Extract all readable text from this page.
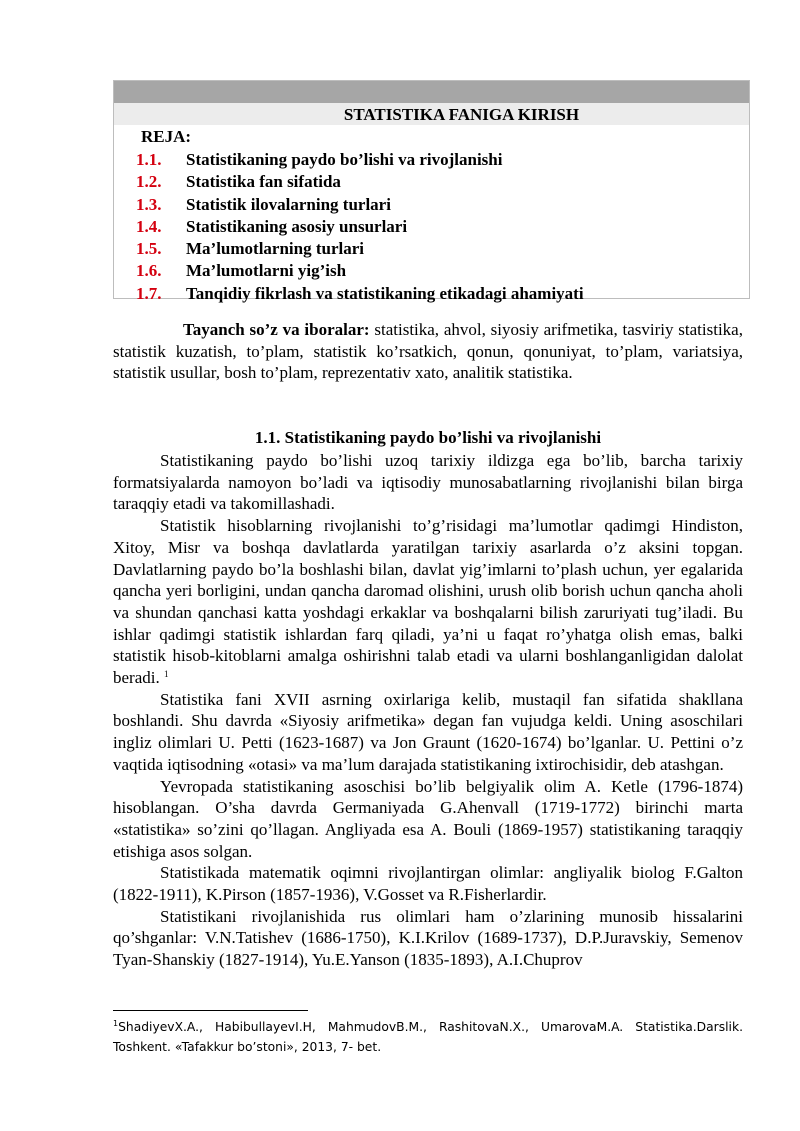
STATISTIKA FANIGA KIRISH
REJA:
1.1. Statistikaning paydo bo’lishi va rivojlanishi
1.2. Statistika fan sifatida
1.3. Statistik ilovalarning turlari
1.4. Statistikaning asosiy unsurlari
1.5. Ma’lumotlarning turlari
1.6. Ma’lumotlarni yig’ish
1.7. Tanqidiy fikrlash va statistikaning etikadagi ahamiyati

Tayanch so’z va iboralar: statistika, ahvol, siyosiy arifmetika, tasviriy statistika, statistik kuzatish, to’plam, statistik ko’rsatkich, qonun, qonuniyat, to’plam, variatsiya, statistik usullar, bosh to’plam, reprezentativ xato, analitik statistika.

1.1. Statistikaning paydo bo’lishi va rivojlanishi

Statistikaning paydo bo’lishi uzoq tarixiy ildizga ega bo’lib, barcha tarixiy formatsiyalarda namoyon bo’ladi va iqtisodiy munosabatlarning rivojlanishi bilan birga taraqqiy etadi va takomillashadi.

Statistik hisoblarning rivojlanishi to’g’risidagi ma’lumotlar qadimgi Hindiston, Xitoy, Misr va boshqa davlatlarda yaratilgan tarixiy asarlarda o’z aksini topgan. Davlatlarning paydo bo’la boshlashi bilan, davlat yig’imlarni to’plash uchun, yer egalarida qancha yeri borligini, undan qancha daromad olishini, urush olib borish uchun qancha aholi va shundan qanchasi katta yoshdagi erkaklar va boshqalarni bilish zaruriyati tug’iladi. Bu ishlar qadimgi statistik ishlardan farq qiladi, ya’ni u faqat ro’yhatga olish emas, balki statistik hisob-kitoblarni amalga oshirishni talab etadi va ularni boshlanganligidan dalolat beradi. $^1$

Statistika fani XVII asrning oxirlariga kelib, mustaqil fan sifatida shakllana boshlandi. Shu davrda «Siyosiy arifmetika» degan fan vujudga keldi. Uning asoschilari ingliz olimlari U. Petti (1623-1687) va Jon Graunt (1620-1674) bo’lganlar. U. Pettini o’z vaqtida iqtisodning «otasi» va ma’lum darajada statistikaning ixtirochisidir, deb atashgan.

Yevropada statistikaning asoschisi bo’lib belgiyalik olim A. Ketle (1796-1874) hisoblangan. O’sha davrda Germaniyada G.Ahenvall (1719-1772) birinchi marta «statistika» so’zini qo’llagan. Angliyada esa A. Bouli (1869-1957) statistikaning taraqqiy etishiga asos solgan.

Statistikada matematik oqimni rivojlantirgan olimlar: angliyalik biolog F.Galton (1822-1911), K.Pirson (1857-1936), V.Gosset va R.Fisherlardir.

Statistikani rivojlanishida rus olimlari ham o’zlarining munosib hissalarini qo’shganlar: V.N.Tatishev (1686-1750), K.I.Krilov (1689-1737), D.P.Juravskiy, Semenov Tyan-Shanskiy (1827-1914), Yu.E.Yanson (1835-1893), A.I.Chuprov

$^1$ShadiyevX.A., HabibullayevI.H, MahmudovB.M., RashitovaN.X., UmarovaM.A. Statistika.Darslik. Toshkent. «Tafakkur bo’stoni», 2013, 7- bet.
